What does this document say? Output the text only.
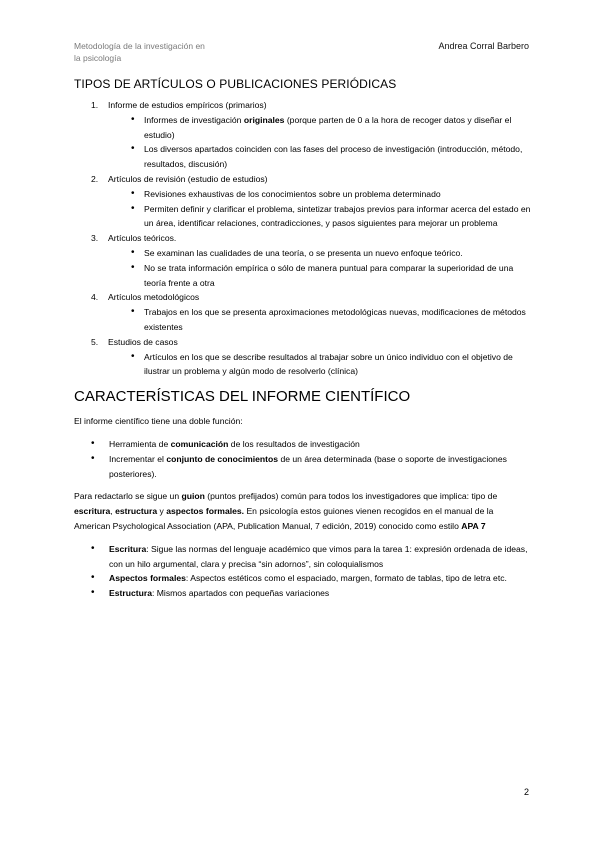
Metodología de la investigación en
la psicología
Andrea Corral Barbero
TIPOS DE ARTÍCULOS O PUBLICACIONES PERIÓDICAS
1. Informe de estudios empíricos (primarios)
• Informes de investigación originales (porque parten de 0 a la hora de recoger datos y diseñar el estudio)
• Los diversos apartados coinciden con las fases del proceso de investigación (introducción, método, resultados, discusión)
2. Artículos de revisión (estudio de estudios)
• Revisiones exhaustivas de los conocimientos sobre un problema determinado
• Permiten definir y clarificar el problema, sintetizar trabajos previos para informar acerca del estado en un área, identificar relaciones, contradicciones, y pasos siguientes para mejorar un problema
3. Artículos teóricos.
• Se examinan las cualidades de una teoría, o se presenta un nuevo enfoque teórico.
• No se trata información empírica o sólo de manera puntual para comparar la superioridad de una teoría frente a otra
4. Artículos metodológicos
• Trabajos en los que se presenta aproximaciones metodológicas nuevas, modificaciones de métodos existentes
5. Estudios de casos
• Artículos en los que se describe resultados al trabajar sobre un único individuo con el objetivo de ilustrar un problema y algún modo de resolverlo (clínica)
CARACTERÍSTICAS DEL INFORME CIENTÍFICO

El informe científico tiene una doble función:

• Herramienta de comunicación de los resultados de investigación
• Incrementar el conjunto de conocimientos de un área determinada (base o soporte de investigaciones posteriores).

Para redactarlo se sigue un guion (puntos prefijados) común para todos los investigadores que implica: tipo de escritura, estructura y aspectos formales. En psicología estos guiones vienen recogidos en el manual de la American Psychological Association (APA, Publication Manual, 7 edición, 2019) conocido como estilo APA 7

• Escritura: Sigue las normas del lenguaje académico que vimos para la tarea 1: expresión ordenada de ideas, con un hilo argumental, clara y precisa “sin adornos”, sin coloquialismos
• Aspectos formales: Aspectos estéticos como el espaciado, margen, formato de tablas, tipo de letra etc.
• Estructura: Mismos apartados con pequeñas variaciones
2
